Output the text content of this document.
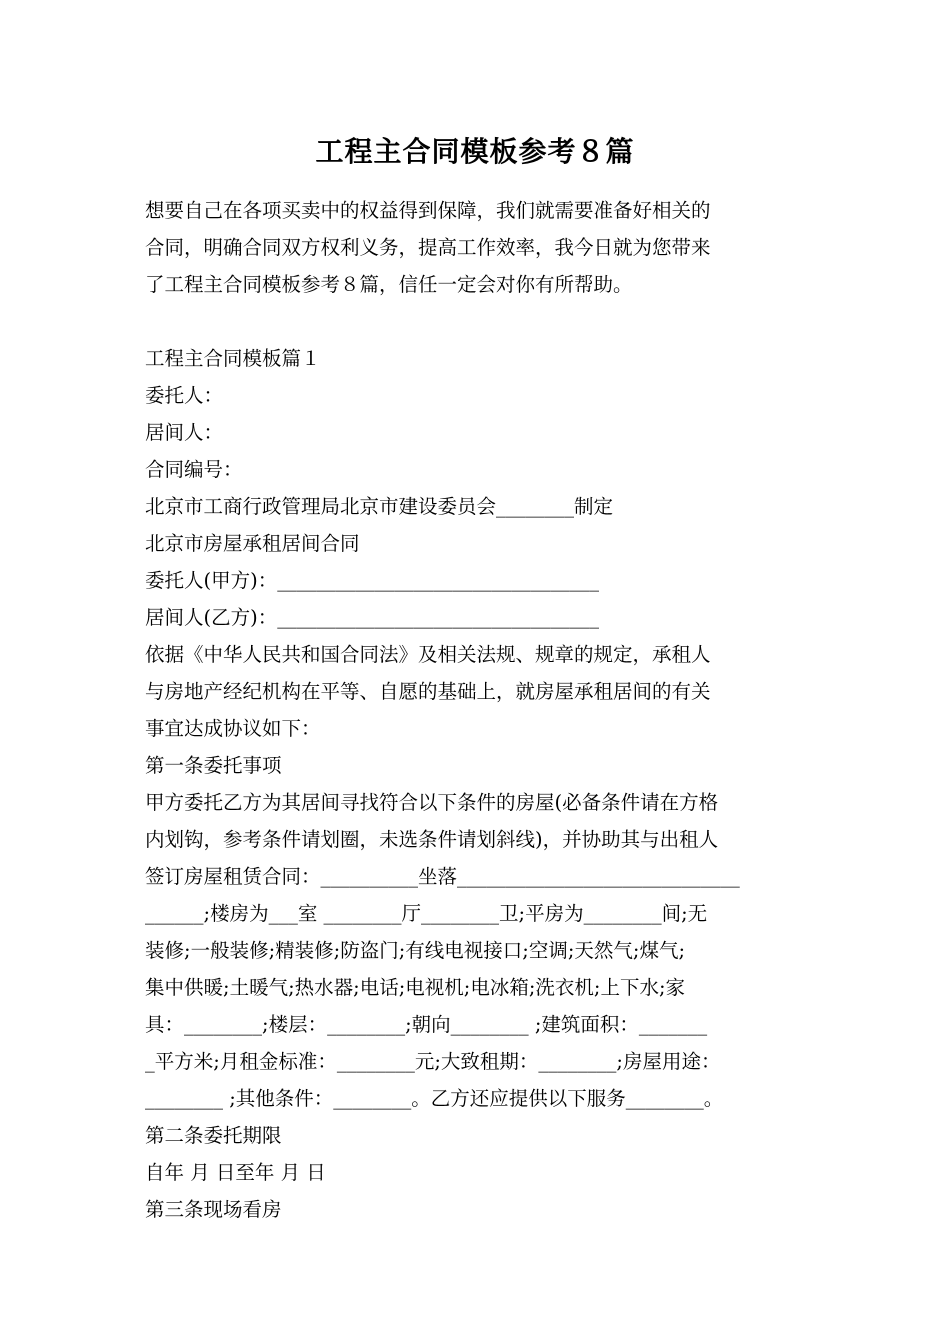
工程主合同模板参考８篇
想要自己在各项买卖中的权益得到保障，我们就需要准备好相关的
合同，明确合同双方权利义务，提高工作效率，我今日就为您带来
了工程主合同模板参考８篇，信任一定会对你有所帮助。
工程主合同模板篇１
委托人：
居间人：
合同编号：
北京市工商行政管理局北京市建设委员会________制定
北京市房屋承租居间合同
委托人(甲方)：_________________________________
居间人(乙方)：_________________________________
依据《中华人民共和国合同法》及相关法规、规章的规定，承租人
与房地产经纪机构在平等、自愿的基础上，就房屋承租居间的有关
事宜达成协议如下：
第一条委托事项
甲方委托乙方为其居间寻找符合以下条件的房屋(必备条件请在方格
内划钩，参考条件请划圈，未选条件请划斜线)，并协助其与出租人
签订房屋租赁合同：__________坐落_____________________________
______;楼房为___室 ________厅________卫;平房为________间;无
装修;一般装修;精装修;防盗门;有线电视接口;空调;天然气;煤气;
集中供暖;土暖气;热水器;电话;电视机;电冰箱;洗衣机;上下水;家
具：________;楼层：________;朝向________ ;建筑面积：_______
_平方米;月租金标准：________元;大致租期：________;房屋用途：
________ ;其他条件：________。乙方还应提供以下服务________。
第二条委托期限
自年 月 日至年 月 日
第三条现场看房
